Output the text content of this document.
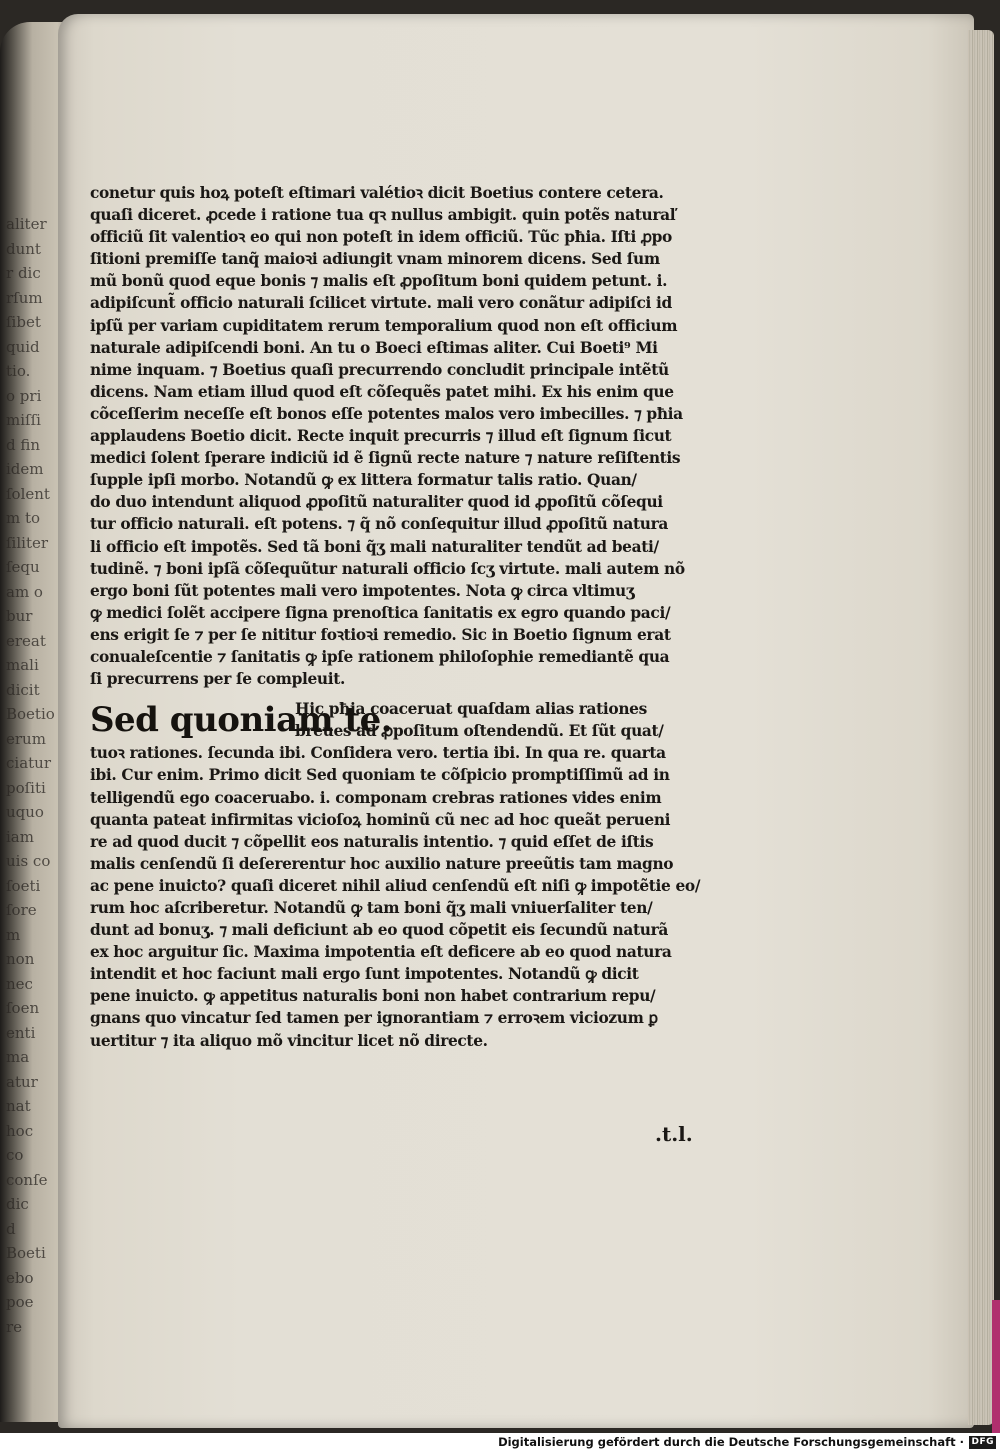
aliter
dunt
r dic
rſum
ſibet
quid
tio.
o pri
miſſi
d fin
idem
ſolent
m to
ſiliter
ſequ
am o
bur
ereat
mali
dicit
Boetio
erum
ciatur
poſiti
uquo
iam
uis co
ſoeti
ſore
m
non
nec
ſoen
enti
ma
atur
nat
hoc
co
conſe
dic
d
Boeti
ebo
poe
re
conetur quis hoꝝ poteſt eſtimari valétioꝛ dicit Boetius contere cetera.
quaſi diceret. ꝓcede i ratione tua qꝛ nullus ambigit. quin potẽs naturaľ
officiũ ſit valentioꝛ eo qui non poteſt in idem officiũ. Tũc pħia. Iſti ꝓpo
ſitioni premiſſe tanq̃ maioꝛi adiungit vnam minorem dicens. Sed ſum
mũ bonũ quod eque bonis ⁊ malis eſt ꝓpoſitum boni quidem petunt. i.
adipiſcunt̃ officio naturali ſcilicet virtute. mali vero conãtur adipiſci id
ipſũ per variam cupiditatem rerum temporalium quod non eſt officium
naturale adipiſcendi boni. An tu o Boeci eſtimas aliter. Cui Boeti⁹ Mi
nime inquam. ⁊ Boetius quaſi precurrendo concludit principale intẽtũ
dicens. Nam etiam illud quod eſt cõſequẽs patet mihi. Ex his enim que
cõceſſerim neceſſe eſt bonos eſſe potentes malos vero imbecilles. ⁊ pħia
applaudens Boetio dicit. Recte inquit precurris ⁊ illud eſt ſignum ſicut
medici ſolent ſperare indiciũ id ẽ ſignũ recte nature ⁊ nature reſiſtentis
ſupple ipſi morbo. Notandũ ꝙ ex littera formatur talis ratio. Quan/
do duo intendunt aliquod ꝓpoſitũ naturaliter quod id ꝓpoſitũ cõſequi
tur officio naturali. eſt potens. ⁊ q̃ nõ conſequitur illud ꝓpoſitũ natura
li officio eſt impotẽs. Sed tã boni q̃ʒ mali naturaliter tendũt ad beati/
tudinẽ. ⁊ boni ipſã cõſequũtur naturali officio ſcʒ virtute. mali autem nõ
ergo boni ſũt potentes mali vero impotentes. Nota ꝙ circa vltimuʒ
ꝙ medici ſolẽt accipere ſigna prenoſtica ſanitatis ex egro quando paci/
ens erigit ſe ⁊ per ſe nititur foꝛtioꝛi remedio. Sic in Boetio ſignum erat
conualeſcentie ⁊ ſanitatis ꝙ ipſe rationem philoſophie remediantẽ qua
ſi precurrens per ſe compleuit.
Sed quoniam te.
Hic pħia coaceruat quaſdam alias rationes
breues ad ꝓpoſitum oſtendendũ. Et ſũt quat/
tuoꝛ rationes. ſecunda ibi. Conſidera vero. tertia ibi. In qua re. quarta
ibi. Cur enim. Primo dicit Sed quoniam te cõſpicio promptiſſimũ ad in
telligendũ ego coaceruabo. i. componam crebras rationes vides enim
quanta pateat infirmitas vicioſoꝝ hominũ cũ nec ad hoc queãt perueni
re ad quod ducit ⁊ cõpellit eos naturalis intentio. ⁊ quid eſſet de iſtis
malis cenſendũ ſi deſererentur hoc auxilio nature preeũtis tam magno
ac pene inuicto? quaſi diceret nihil aliud cenſendũ eſt niſi ꝙ impotẽtie eo/
rum hoc aſcriberetur. Notandũ ꝙ tam boni q̃ʒ mali vniuerſaliter ten/
dunt ad bonuʒ. ⁊ mali deficiunt ab eo quod cõpetit eis ſecundũ naturã
ex hoc arguitur ſic. Maxima impotentia eſt deficere ab eo quod natura
intendit et hoc faciunt mali ergo ſunt impotentes. Notandũ ꝙ dicit
pene inuicto. ꝙ appetitus naturalis boni non habet contrarium repu/
gnans quo vincatur ſed tamen per ignorantiam ⁊ erroꝛem viciozum ꝑ
uertitur ⁊ ita aliquo mõ vincitur licet nõ directe.
.t.l.
Digitalisierung gefördert durch die Deutsche Forschungsgemeinschaft · DFG
